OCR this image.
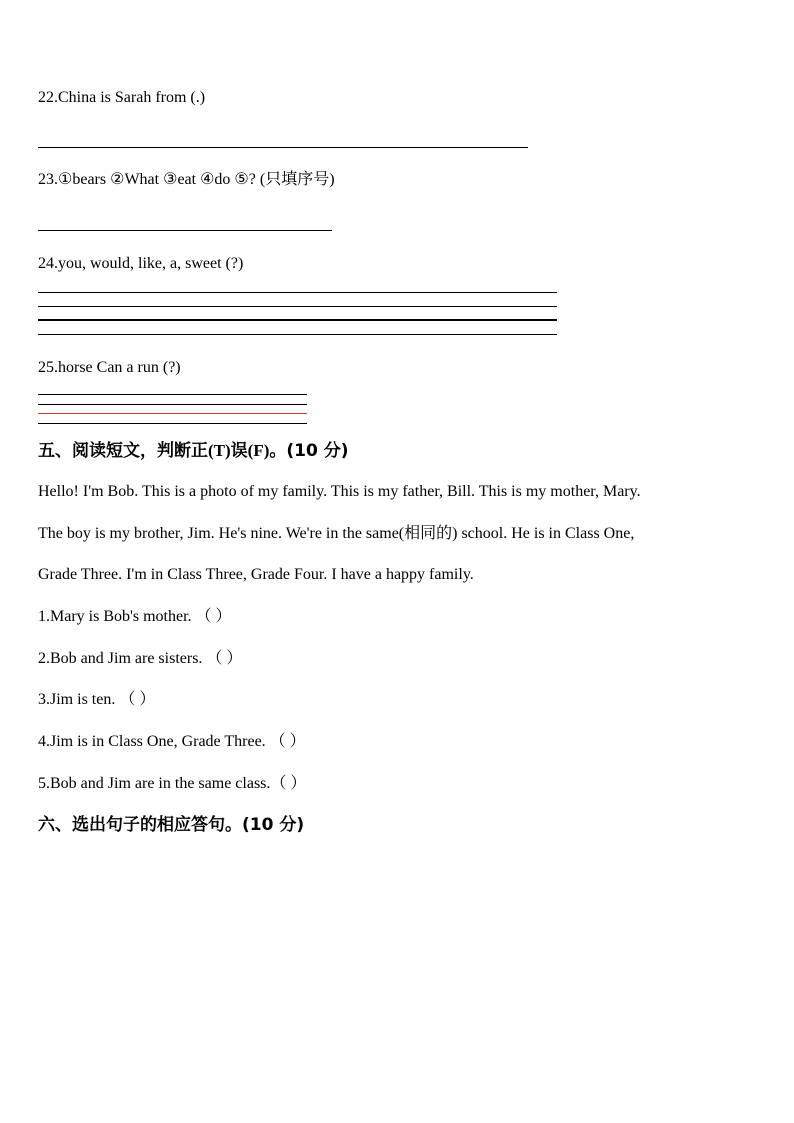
22.China is Sarah from (.)
23.①bears ②What ③eat ④do ⑤? (只填序号)
24.you, would, like, a, sweet (?)
25.horse Can a run (?)
五、阅读短文，判断正(T)误(F)。(10 分)
Hello! I'm Bob. This is a photo of my family. This is my father, Bill. This is my mother, Mary.
The boy is my brother, Jim. He's nine. We're in the same(相同的) school. He is in Class One,
Grade Three. I'm in Class Three, Grade Four. I have a happy family.
1.Mary is Bob's mother. （ ）
2.Bob and Jim are sisters. （ ）
3.Jim is ten. （ ）
4.Jim is in Class One, Grade Three. （ ）
5.Bob and Jim are in the same class.（ ）
六、选出句子的相应答句。(10 分)
